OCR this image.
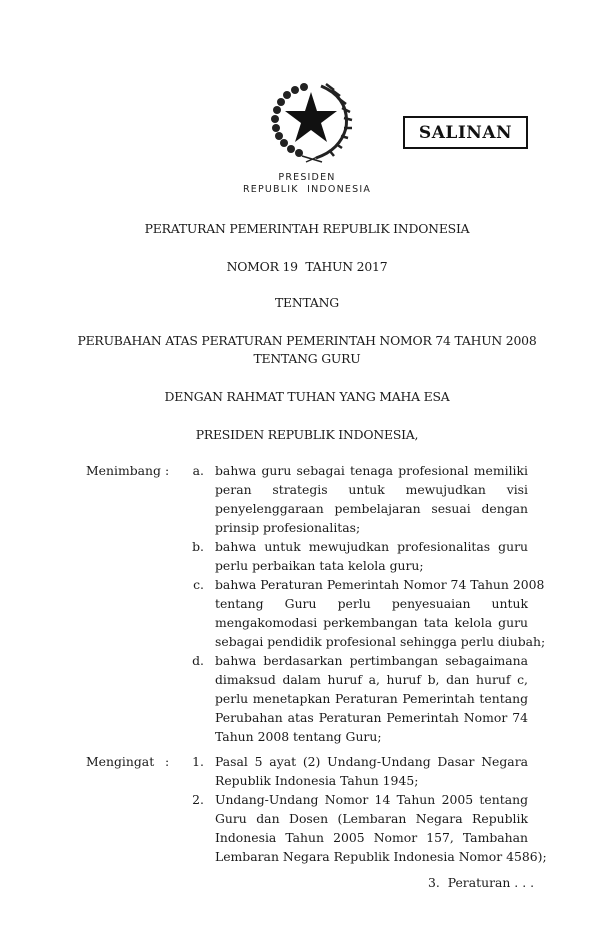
SALINAN
PRESIDEN
REPUBLIK  INDONESIA
PERATURAN PEMERINTAH REPUBLIK INDONESIA
NOMOR 19  TAHUN 2017
TENTANG
PERUBAHAN ATAS PERATURAN PEMERINTAH NOMOR 74 TAHUN 2008
TENTANG GURU
DENGAN RAHMAT TUHAN YANG MAHA ESA
PRESIDEN REPUBLIK INDONESIA,
Menimbang :	a. bahwa guru sebagai tenaga profesional memiliki
peran strategis untuk mewujudkan visi
penyelenggaraan pembelajaran sesuai dengan
prinsip profesionalitas;
b. bahwa untuk mewujudkan profesionalitas guru
perlu perbaikan tata kelola guru;
c. bahwa Peraturan Pemerintah Nomor 74 Tahun 2008
tentang Guru perlu penyesuaian untuk
mengakomodasi perkembangan tata kelola guru
sebagai pendidik profesional sehingga perlu diubah;
d. bahwa berdasarkan pertimbangan sebagaimana
dimaksud dalam huruf a, huruf b, dan huruf c,
perlu menetapkan Peraturan Pemerintah tentang
Perubahan atas Peraturan Pemerintah Nomor 74
Tahun 2008 tentang Guru;
Mengingat :	1. Pasal 5 ayat (2) Undang-Undang Dasar Negara
Republik Indonesia Tahun 1945;
2. Undang-Undang Nomor 14 Tahun 2005 tentang
Guru dan Dosen (Lembaran Negara Republik
Indonesia Tahun 2005 Nomor 157, Tambahan
Lembaran Negara Republik Indonesia Nomor 4586);
3.  Peraturan . . .
